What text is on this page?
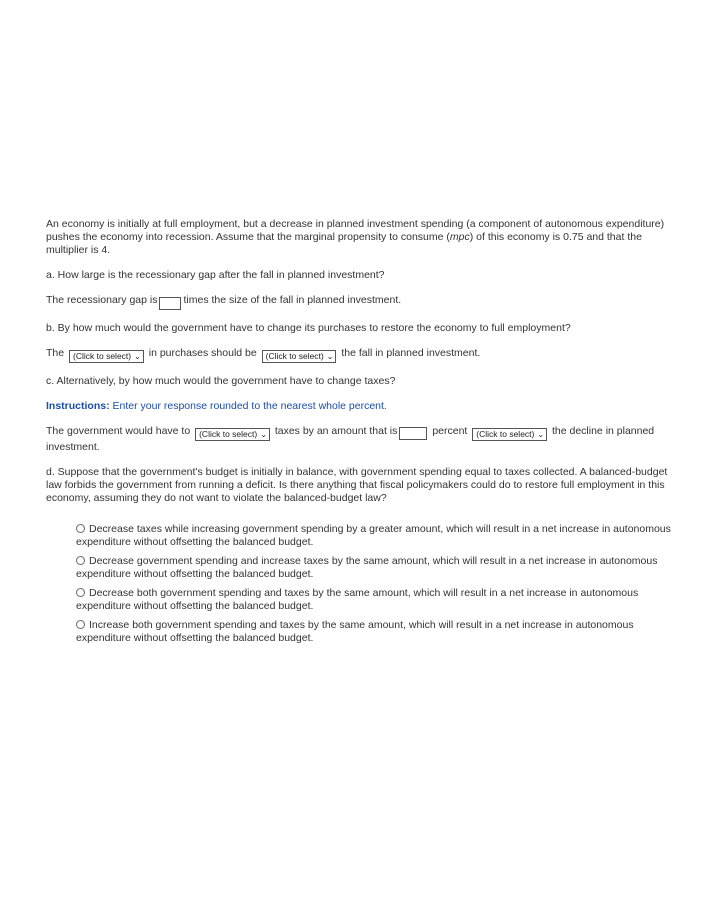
An economy is initially at full employment, but a decrease in planned investment spending (a component of autonomous expenditure) pushes the economy into recession. Assume that the marginal propensity to consume (mpc) of this economy is 0.75 and that the multiplier is 4.

a. How large is the recessionary gap after the fall in planned investment?

The recessionary gap is times the size of the fall in planned investment.

b. By how much would the government have to change its purchases to restore the economy to full employment?

The (Click to select) ⌄ in purchases should be (Click to select) ⌄ the fall in planned investment.

c. Alternatively, by how much would the government have to change taxes?

Instructions: Enter your response rounded to the nearest whole percent.

The government would have to (Click to select) ⌄ taxes by an amount that is	percent (Click to select) ⌄ the decline in planned investment.

d. Suppose that the government's budget is initially in balance, with government spending equal to taxes collected. A balanced-budget law forbids the government from running a deficit. Is there anything that fiscal policymakers could do to restore full employment in this economy, assuming they do not want to violate the balanced-budget law?

Decrease taxes while increasing government spending by a greater amount, which will result in a net increase in autonomous expenditure without offsetting the balanced budget.
Decrease government spending and increase taxes by the same amount, which will result in a net increase in autonomous expenditure without offsetting the balanced budget.
Decrease both government spending and taxes by the same amount, which will result in a net increase in autonomous expenditure without offsetting the balanced budget.
Increase both government spending and taxes by the same amount, which will result in a net increase in autonomous expenditure without offsetting the balanced budget.
